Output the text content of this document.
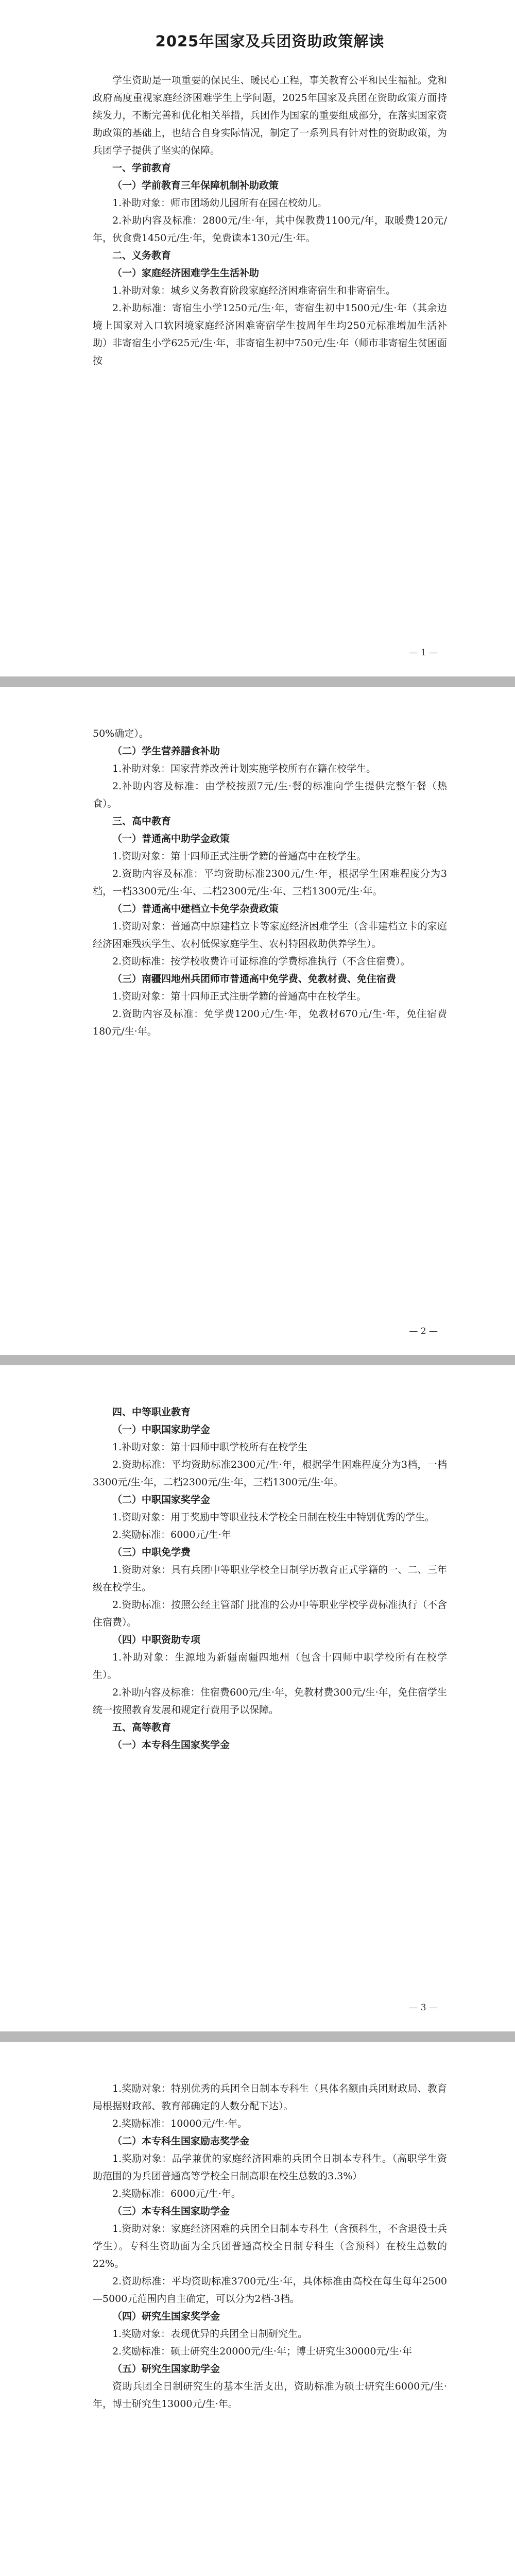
2025年国家及兵团资助政策解读

学生资助是一项重要的保民生、暖民心工程，事关教育公平和民生福祉。党和政府高度重视家庭经济困难学生上学问题，2025年国家及兵团在资助政策方面持续发力，不断完善和优化相关举措，兵团作为国家的重要组成部分，在落实国家资助政策的基础上，也结合自身实际情况，制定了一系列具有针对性的资助政策，为兵团学子提供了坚实的保障。

一、学前教育

（一）学前教育三年保障机制补助政策

1.补助对象：师市团场幼儿园所有在园在校幼儿。

2.补助内容及标准：2800元/生·年，其中保教费1100元/年，取暖费120元/年，伙食费1450元/生·年，免费读本130元/生·年。

二、义务教育

（一）家庭经济困难学生生活补助

1.补助对象：城乡义务教育阶段家庭经济困难寄宿生和非寄宿生。

2.补助标准：寄宿生小学1250元/生·年，寄宿生初中1500元/生·年（其余边境上国家对入口软困境家庭经济困难寄宿学生按周年生均250元标准增加生活补助）非寄宿生小学625元/生·年，非寄宿生初中750元/生·年（师市非寄宿生贫困面按

— 1 —

50%确定）。

（二）学生营养膳食补助

1.补助对象：国家营养改善计划实施学校所有在籍在校学生。

2.补助内容及标准：由学校按照7元/生·餐的标准向学生提供完整午餐（热食）。

三、高中教育

（一）普通高中助学金政策

1.资助对象：第十四师正式注册学籍的普通高中在校学生。

2.资助内容及标准：平均资助标准2300元/生·年，根据学生困难程度分为3档，一档3300元/生·年、二档2300元/生·年、三档1300元/生·年。

（二）普通高中建档立卡免学杂费政策

1.资助对象：普通高中原建档立卡等家庭经济困难学生（含非建档立卡的家庭经济困难残疾学生、农村低保家庭学生、农村特困救助供养学生）。

2.资助标准：按学校收费许可证标准的学费标准执行（不含住宿费）。

（三）南疆四地州兵团师市普通高中免学费、免教材费、免住宿费

1.资助对象：第十四师正式注册学籍的普通高中在校学生。

2.资助内容及标准：免学费1200元/生·年，免教材670元/生·年，免住宿费180元/生·年。

— 2 —

四、中等职业教育

（一）中职国家助学金

1.补助对象：第十四师中职学校所有在校学生

2.资助标准：平均资助标准2300元/生·年，根据学生困难程度分为3档，一档3300元/生·年，二档2300元/生·年，三档1300元/生·年。

（二）中职国家奖学金

1.资助对象：用于奖励中等职业技术学校全日制在校生中特别优秀的学生。

2.奖励标准：6000元/生·年

（三）中职免学费

1.资助对象：具有兵团中等职业学校全日制学历教育正式学籍的一、二、三年级在校学生。

2.资助标准：按照公经主管部门批准的公办中等职业学校学费标准执行（不含住宿费）。

（四）中职资助专项

1.补助对象：生源地为新疆南疆四地州（包含十四师中职学校所有在校学生）。

2.补助内容及标准：住宿费600元/生·年，免教材费300元/生·年，免住宿学生统一按照教育发展和规定行费用予以保障。

五、高等教育

（一）本专科生国家奖学金

— 3 —

1.奖励对象：特别优秀的兵团全日制本专科生（具体名额由兵团财政局、教育局根据财政部、教育部确定的人数分配下达）。

2.奖励标准：10000元/生·年。

（二）本专科生国家励志奖学金

1.奖励对象：品学兼优的家庭经济困难的兵团全日制本专科生。（高职学生资助范围的为兵团普通高等学校全日制高职在校生总数的3.3%）

2.奖励标准：6000元/生·年。

（三）本专科生国家助学金

1.资助对象：家庭经济困难的兵团全日制本专科生（含预科生，不含退役士兵学生）。专科生资助面为全兵团普通高校全日制专科生（含预科）在校生总数的22%。

2.资助标准：平均资助标准3700元/生·年，具体标准由高校在每生每年2500—5000元范围内自主确定，可以分为2档-3档。

（四）研究生国家奖学金

1.奖励对象：表现优异的兵团全日制研究生。

2.奖励标准：硕士研究生20000元/生·年；博士研究生30000元/生·年

（五）研究生国家助学金

资助兵团全日制研究生的基本生活支出，资助标准为硕士研究生6000元/生·年，博士研究生13000元/生·年。
